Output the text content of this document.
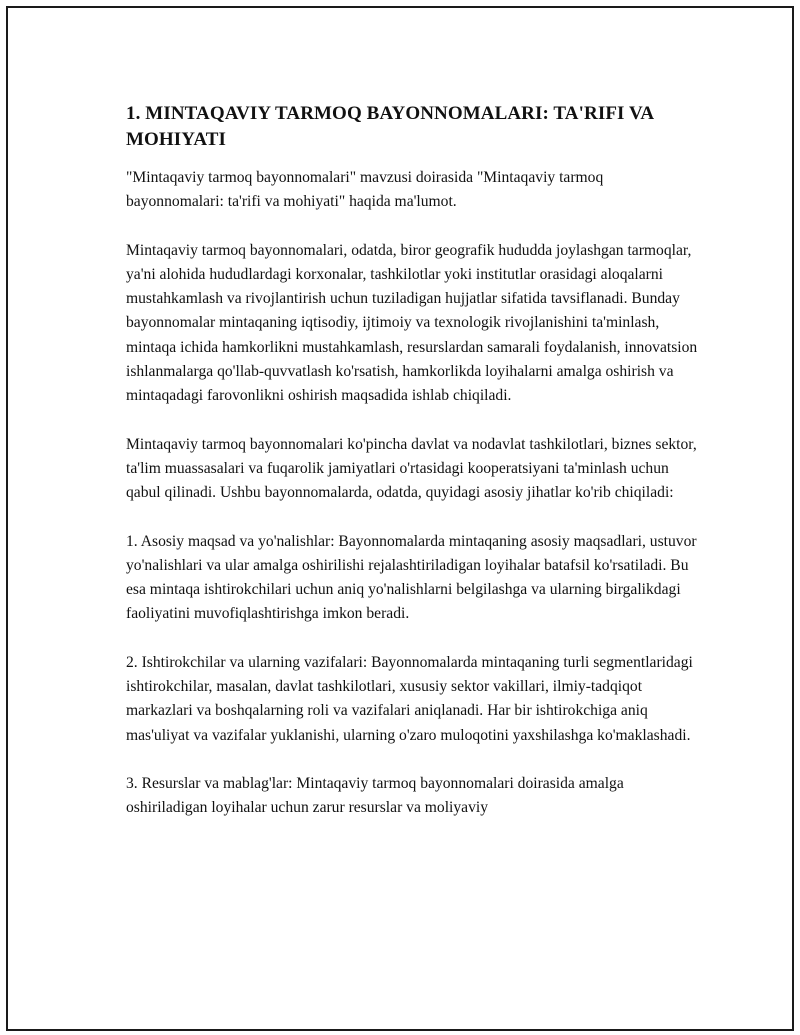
1. MINTAQAVIY TARMOQ BAYONNOMALARI: TA'RIFI VA MOHIYATI

"Mintaqaviy tarmoq bayonnomalari" mavzusi doirasida "Mintaqaviy tarmoq bayonnomalari: ta'rifi va mohiyati" haqida ma'lumot.

Mintaqaviy tarmoq bayonnomalari, odatda, biror geografik hududda joylashgan tarmoqlar, ya'ni alohida hududlardagi korxonalar, tashkilotlar yoki institutlar orasidagi aloqalarni mustahkamlash va rivojlantirish uchun tuziladigan hujjatlar sifatida tavsiflanadi. Bunday bayonnomalar mintaqaning iqtisodiy, ijtimoiy va texnologik rivojlanishini ta'minlash, mintaqa ichida hamkorlikni mustahkamlash, resurslardan samarali foydalanish, innovatsion ishlanmalarga qo'llab-quvvatlash ko'rsatish, hamkorlikda loyihalarni amalga oshirish va mintaqadagi farovonlikni oshirish maqsadida ishlab chiqiladi.

Mintaqaviy tarmoq bayonnomalari ko'pincha davlat va nodavlat tashkilotlari, biznes sektor, ta'lim muassasalari va fuqarolik jamiyatlari o'rtasidagi kooperatsiyani ta'minlash uchun qabul qilinadi. Ushbu bayonnomalarda, odatda, quyidagi asosiy jihatlar ko'rib chiqiladi:

1. Asosiy maqsad va yo'nalishlar: Bayonnomalarda mintaqaning asosiy maqsadlari, ustuvor yo'nalishlari va ular amalga oshirilishi rejalashtiriladigan loyihalar batafsil ko'rsatiladi. Bu esa mintaqa ishtirokchilari uchun aniq yo'nalishlarni belgilashga va ularning birgalikdagi faoliyatini muvofiqlashtirishga imkon beradi.

2. Ishtirokchilar va ularning vazifalari: Bayonnomalarda mintaqaning turli segmentlaridagi ishtirokchilar, masalan, davlat tashkilotlari, xususiy sektor vakillari, ilmiy-tadqiqot markazlari va boshqalarning roli va vazifalari aniqlanadi. Har bir ishtirokchiga aniq mas'uliyat va vazifalar yuklanishi, ularning o'zaro muloqotini yaxshilashga ko'maklashadi.

3. Resurslar va mablag'lar: Mintaqaviy tarmoq bayonnomalari doirasida amalga oshiriladigan loyihalar uchun zarur resurslar va moliyaviy
